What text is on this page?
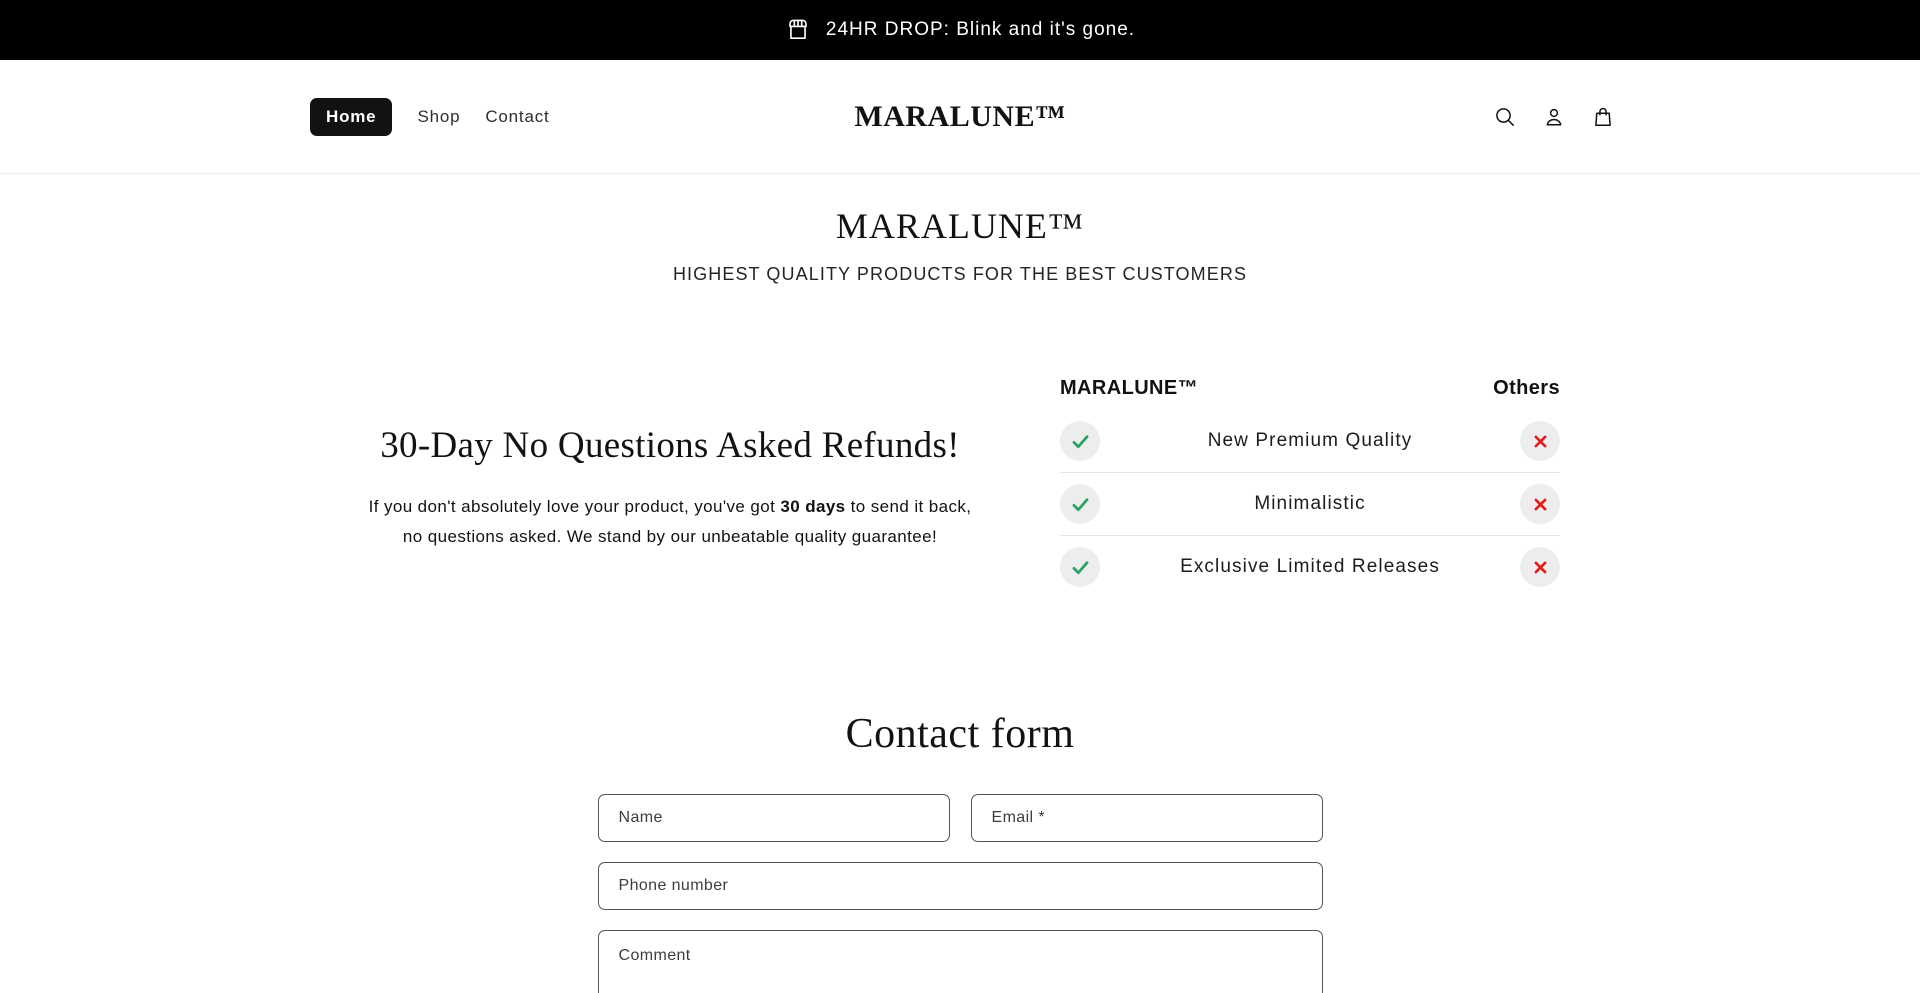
24HR DROP: Blink and it's gone.
Home	Shop Contact	MARALUNE™
MARALUNE™
HIGHEST QUALITY PRODUCTS FOR THE BEST CUSTOMERS
30-Day No Questions Asked Refunds!

If you don't absolutely love your product, you've got 30 days to send it back, no questions asked. We stand by our unbeatable quality guarantee!

MARALUNE™	Others
New Premium Quality
Minimalistic
Exclusive Limited Releases
Contact form
Name
Email *
Phone number
Comment
